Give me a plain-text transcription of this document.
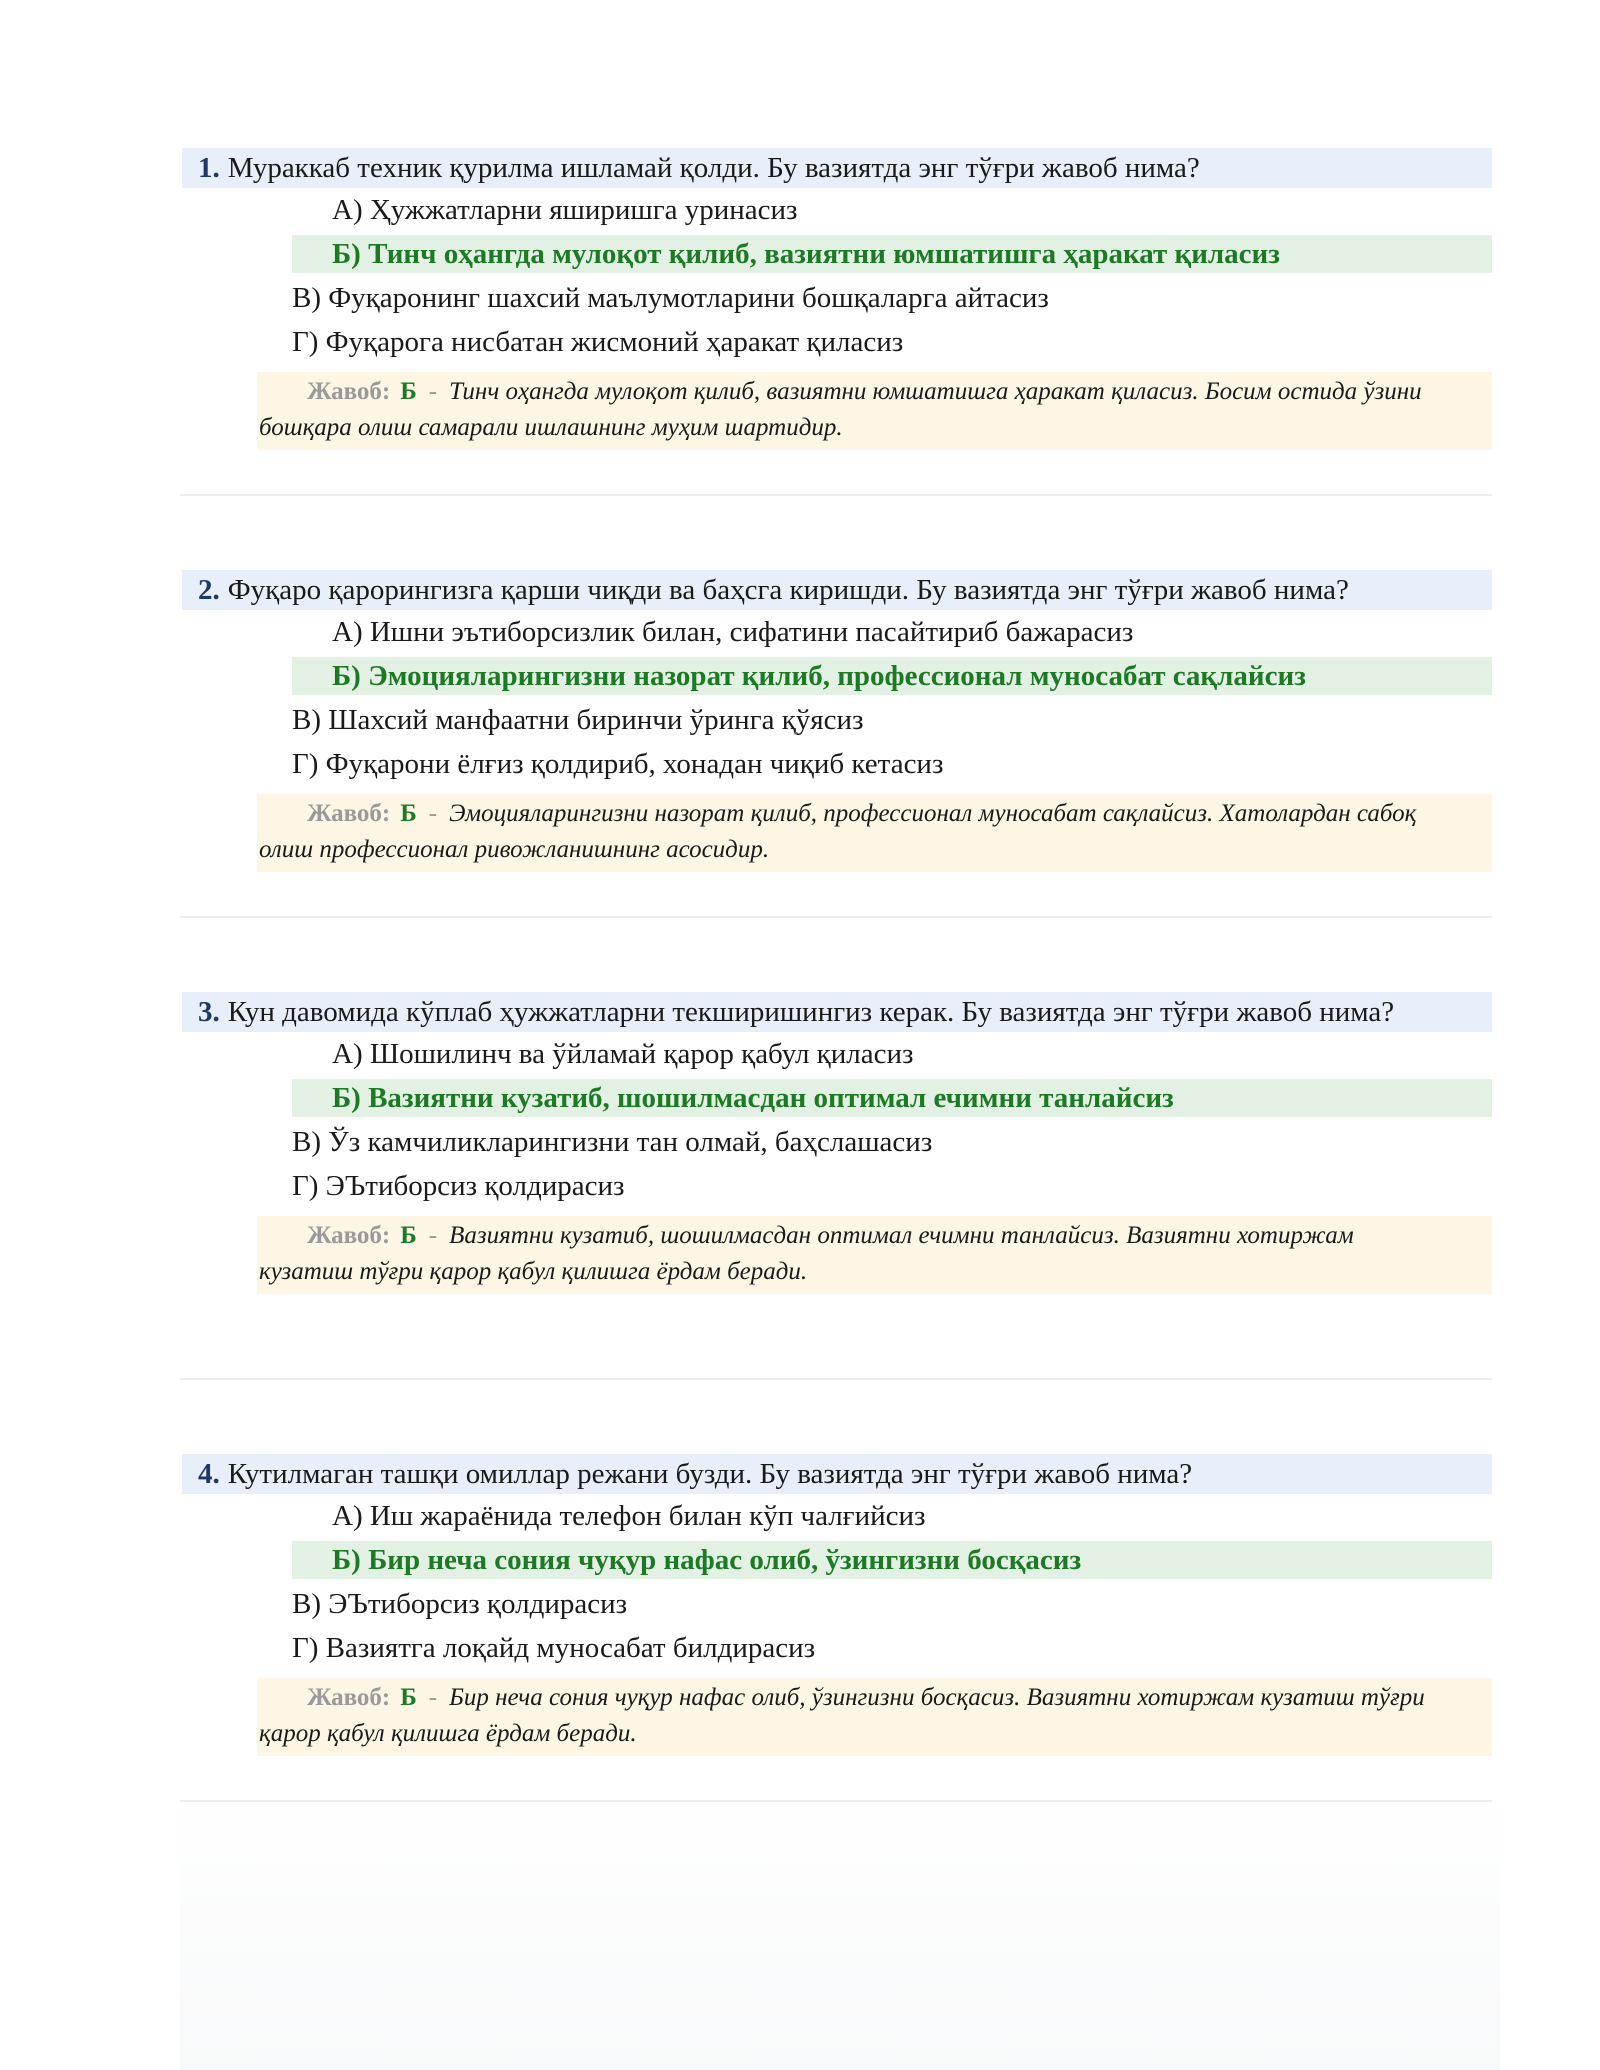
1. Мураккаб техник қурилма ишламай қолди. Бу вазиятда энг тўғри жавоб нима?
А) Ҳужжатларни яширишга уринасиз
Б) Тинч оҳангда мулоқот қилиб, вазиятни юмшатишга ҳаракат қиласиз
В) Фуқаронинг шахсий маълумотларини бошқаларга айтасиз
Г) Фуқарога нисбатан жисмоний ҳаракат қиласиз
Жавоб: Б - Тинч оҳангда мулоқот қилиб, вазиятни юмшатишга ҳаракат қиласиз. Босим остида ўзини бошқара олиш самарали ишлашнинг муҳим шартидир.
2. Фуқаро қарорингизга қарши чиқди ва баҳсга киришди. Бу вазиятда энг тўғри жавоб нима?
А) Ишни эътиборсизлик билан, сифатини пасайтириб бажарасиз
Б) Эмоцияларингизни назорат қилиб, профессионал муносабат сақлайсиз
В) Шахсий манфаатни биринчи ўринга қўясиз
Г) Фуқарони ёлғиз қолдириб, хонадан чиқиб кетасиз
Жавоб: Б - Эмоцияларингизни назорат қилиб, профессионал муносабат сақлайсиз. Хатолардан сабоқ олиш профессионал ривожланишнинг асосидир.
3. Кун давомида кўплаб ҳужжатларни текширишингиз керак. Бу вазиятда энг тўғри жавоб нима?
А) Шошилинч ва ўйламай қарор қабул қиласиз
Б) Вазиятни кузатиб, шошилмасдан оптимал ечимни танлайсиз
В) Ўз камчиликларингизни тан олмай, баҳслашасиз
Г) ЭЪтиборсиз қолдирасиз
Жавоб: Б - Вазиятни кузатиб, шошилмасдан оптимал ечимни танлайсиз. Вазиятни хотиржам кузатиш тўғри қарор қабул қилишга ёрдам беради.
4. Кутилмаган ташқи омиллар режани бузди. Бу вазиятда энг тўғри жавоб нима?
А) Иш жараёнида телефон билан кўп чалғийсиз
Б) Бир неча сония чуқур нафас олиб, ўзингизни босқасиз
В) ЭЪтиборсиз қолдирасиз
Г) Вазиятга лоқайд муносабат билдирасиз
Жавоб: Б - Бир неча сония чуқур нафас олиб, ўзингизни босқасиз. Вазиятни хотиржам кузатиш тўғри қарор қабул қилишга ёрдам беради.
